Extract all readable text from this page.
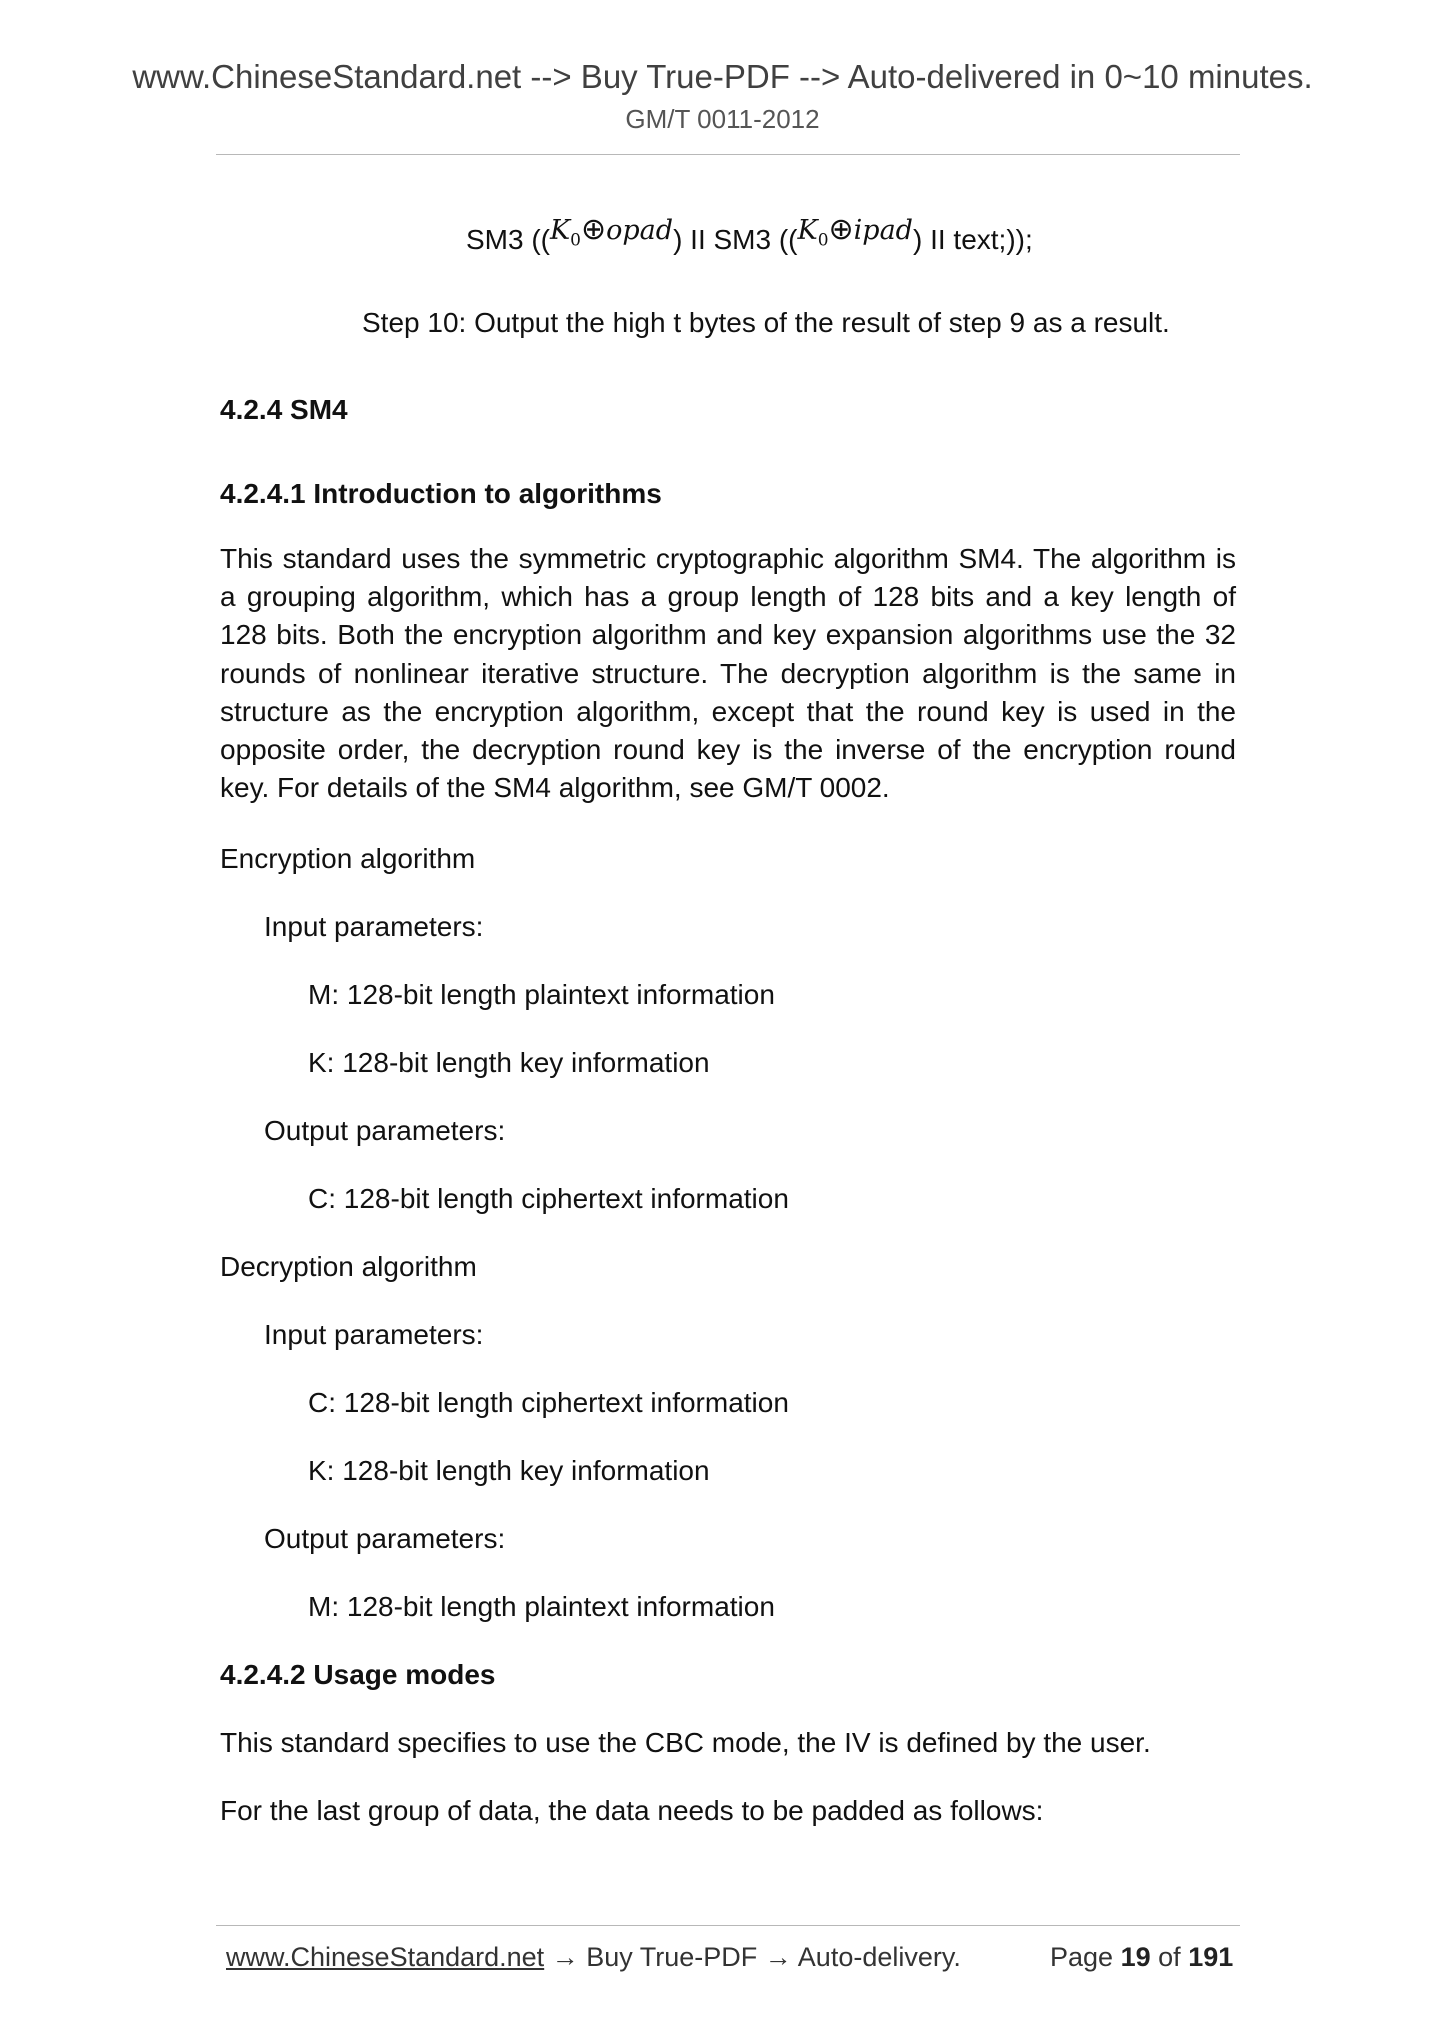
www.ChineseStandard.net --> Buy True-PDF --> Auto-delivered in 0~10 minutes.
GM/T 0011-2012
SM3 ($(K_0\oplus opad)$ II SM3 ($(K_0\oplus ipad)$ II text;));
Step 10: Output the high t bytes of the result of step 9 as a result.
4.2.4 SM4
4.2.4.1 Introduction to algorithms

This standard uses the symmetric cryptographic algorithm SM4. The algorithm is a grouping algorithm, which has a group length of 128 bits and a key length of 128 bits. Both the encryption algorithm and key expansion algorithms use the 32 rounds of nonlinear iterative structure. The decryption algorithm is the same in structure as the encryption algorithm, except that the round key is used in the opposite order, the decryption round key is the inverse of the encryption round key. For details of the SM4 algorithm, see GM/T 0002.

Encryption algorithm
Input parameters:
M: 128-bit length plaintext information
K: 128-bit length key information
Output parameters:
C: 128-bit length ciphertext information
Decryption algorithm
Input parameters:
C: 128-bit length ciphertext information
K: 128-bit length key information
Output parameters:
M: 128-bit length plaintext information
4.2.4.2 Usage modes
This standard specifies to use the CBC mode, the IV is defined by the user.
For the last group of data, the data needs to be padded as follows:
www.ChineseStandard.net → Buy True-PDF → Auto-delivery.	Page 19 of 191
